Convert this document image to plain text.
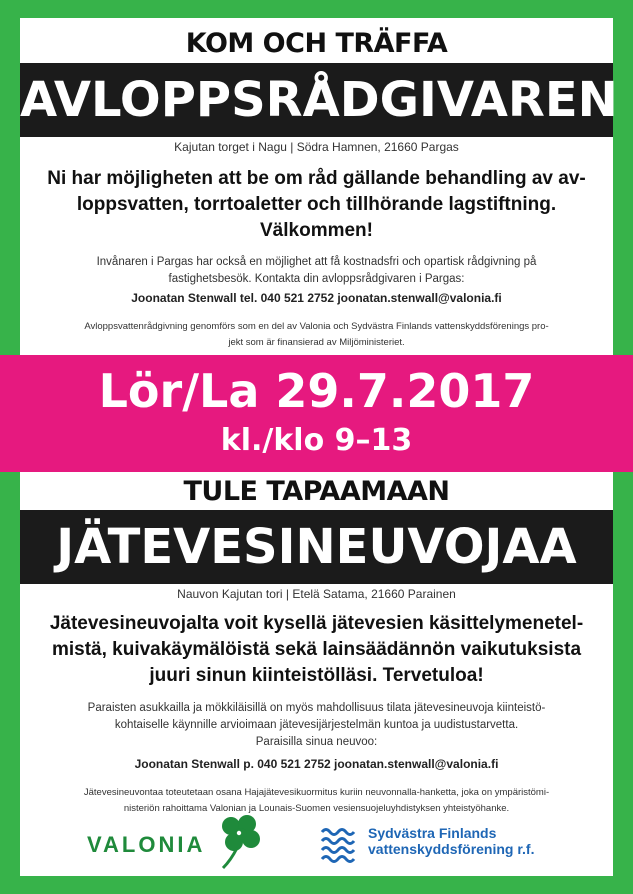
KOM OCH TRÄFFA
AVLOPPSRÅDGIVAREN
Kajutan torget i Nagu | Södra Hamnen, 21660 Pargas
Ni har möjligheten att be om råd gällande behandling av av-
loppsvatten, torrtoaletter och tillhörande lagstiftning.
Välkommen!
Invånaren i Pargas har också en möjlighet att få kostnadsfri och opartisk rådgivning på
fastighetsbesök. Kontakta din avloppsrådgivaren i Pargas:
Joonatan Stenwall tel. 040 521 2752 joonatan.stenwall@valonia.fi
Avloppsvattenrådgivning genomförs som en del av Valonia och Sydvästra Finlands vattenskyddsförenings pro-
jekt som är finansierad av Miljöministeriet.
Lör/La 29.7.2017
kl./klo 9–13
TULE TAPAAMAAN
JÄTEVESINEUVOJAA
Nauvon Kajutan tori | Etelä Satama, 21660 Parainen
Jätevesineuvojalta voit kysellä jätevesien käsittelymenetel-
mistä, kuivakäymälöistä sekä lainsäädännön vaikutuksista
juuri sinun kiinteistölläsi. Tervetuloa!
Paraisten asukkailla ja mökkiläisillä on myös mahdollisuus tilata jätevesineuvoja kiinteistö-
kohtaiselle käynnille arvioimaan jätevesijärjestelmän kuntoa ja uudistustarvetta.
Paraisilla sinua neuvoo:
Joonatan Stenwall p. 040 521 2752 joonatan.stenwall@valonia.fi
Jätevesineuvontaa toteutetaan osana Hajajätevesikuormitus kuriin neuvonnalla-hanketta, joka on ympäristömi-
nisteriön rahoittama Valonian ja Lounais-Suomen vesiensuojeluyhdistyksen yhteistyöhanke.
VALONIA	Sydvästra Finlands
vattenskyddsförening r.f.
